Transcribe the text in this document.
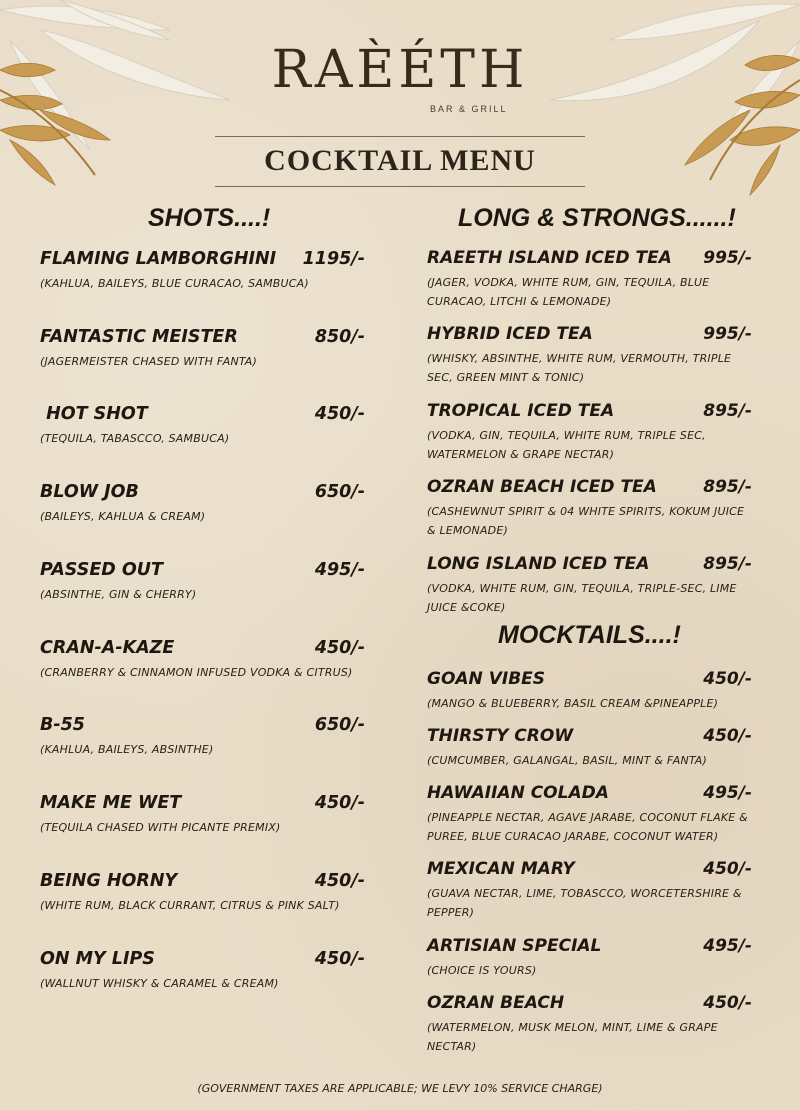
RAÈÉTH
BAR & GRILL
COCKTAIL MENU
SHOTS....!
FLAMING LAMBORGHINI 1195/-
(KAHLUA, BAILEYS, BLUE CURACAO, SAMBUCA)
FANTASTIC MEISTER	850/-
(JAGERMEISTER CHASED WITH FANTA)
HOT SHOT	450/-
(TEQUILA, TABASCCO, SAMBUCA)
BLOW JOB	650/-
(BAILEYS, KAHLUA & CREAM)
PASSED OUT	495/-
(ABSINTHE, GIN & CHERRY)
CRAN-A-KAZE	450/-
(CRANBERRY & CINNAMON INFUSED VODKA & CITRUS)
B-55	650/-
(KAHLUA, BAILEYS, ABSINTHE)
MAKE ME WET	450/-
(TEQUILA CHASED WITH PICANTE PREMIX)
BEING HORNY	450/-
(WHITE RUM, BLACK CURRANT, CITRUS & PINK SALT)
ON MY LIPS	450/-
(WALLNUT WHISKY & CARAMEL & CREAM)
LONG & STRONGS......!
RAEETH ISLAND ICED TEA 995/-
(JAGER, VODKA, WHITE RUM, GIN, TEQUILA, BLUE CURACAO, LITCHI & LEMONADE)
HYBRID ICED TEA	995/-
(WHISKY, ABSINTHE, WHITE RUM, VERMOUTH, TRIPLE SEC, GREEN MINT & TONIC)
TROPICAL ICED TEA	895/-
(VODKA, GIN, TEQUILA, WHITE RUM, TRIPLE SEC, WATERMELON & GRAPE NECTAR)
OZRAN BEACH ICED TEA	895/-
(CASHEWNUT SPIRIT & 04 WHITE SPIRITS, KOKUM JUICE & LEMONADE)
LONG ISLAND ICED TEA	895/-
(VODKA, WHITE RUM, GIN, TEQUILA, TRIPLE-SEC, LIME JUICE &COKE)
MOCKTAILS....!
GOAN VIBES	450/-
(MANGO & BLUEBERRY, BASIL CREAM &PINEAPPLE)
THIRSTY CROW	450/-
(CUMCUMBER, GALANGAL, BASIL, MINT & FANTA)
HAWAIIAN COLADA	495/-
(PINEAPPLE NECTAR, AGAVE JARABE, COCONUT FLAKE & PUREE, BLUE CURACAO JARABE, COCONUT WATER)
MEXICAN MARY	450/-
(GUAVA NECTAR, LIME, TOBASCCO, WORCETERSHIRE & PEPPER)
ARTISIAN SPECIAL	495/-
(CHOICE IS YOURS)
OZRAN BEACH	450/-
(WATERMELON, MUSK MELON, MINT, LIME & GRAPE NECTAR)
(GOVERNMENT TAXES ARE APPLICABLE; WE LEVY 10% SERVICE CHARGE)
